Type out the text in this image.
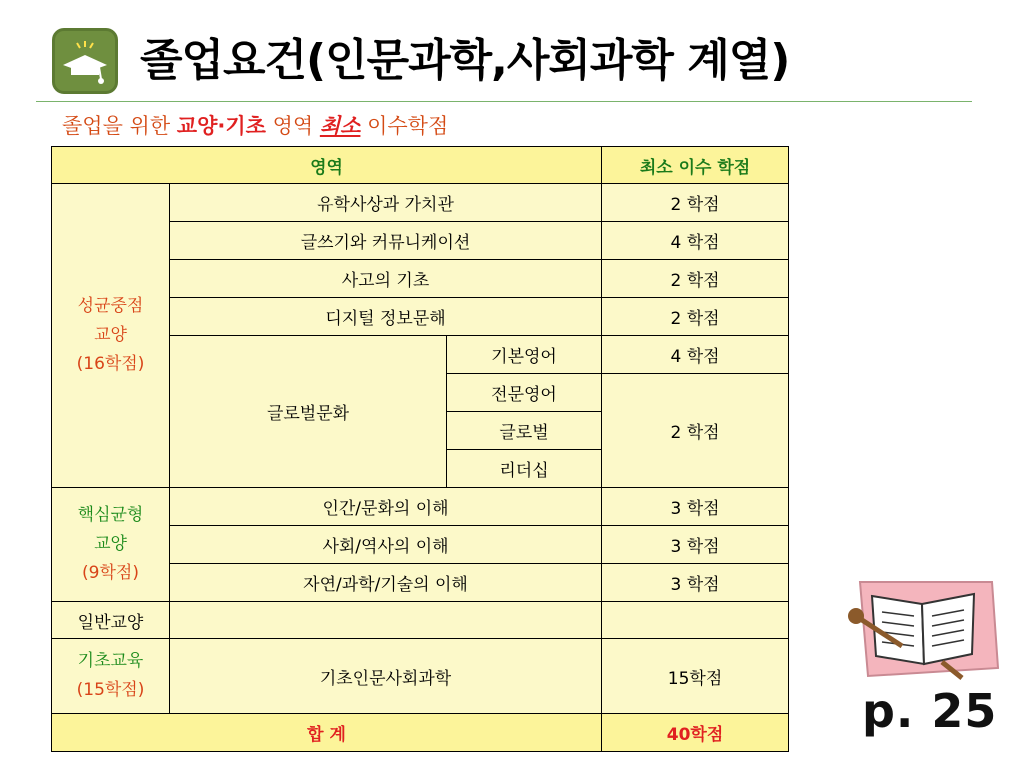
졸업요건(인문과학,사회과학 계열)
졸업을 위한 교양·기초 영역 최소 이수학점
영역			최소 이수 학점

성균중점
교양
(16학점)	유학사상과 가치관		2 학점
	글쓰기와 커뮤니케이션		4 학점
	사고의 기초		2 학점
	디지털 정보문해		2 학점
	글로벌문화	기본영어	4 학점
		전문영어	2 학점
		글로벌	
		리더십	

핵심균형
교양
(9학점)	인간/문화의 이해		3 학점
	사회/역사의 이해		3 학점
	자연/과학/기술의 이해		3 학점
일반교양			

기초교육
(15학점)	기초인문사회과학		15학점
합 계			40학점	p. 25
